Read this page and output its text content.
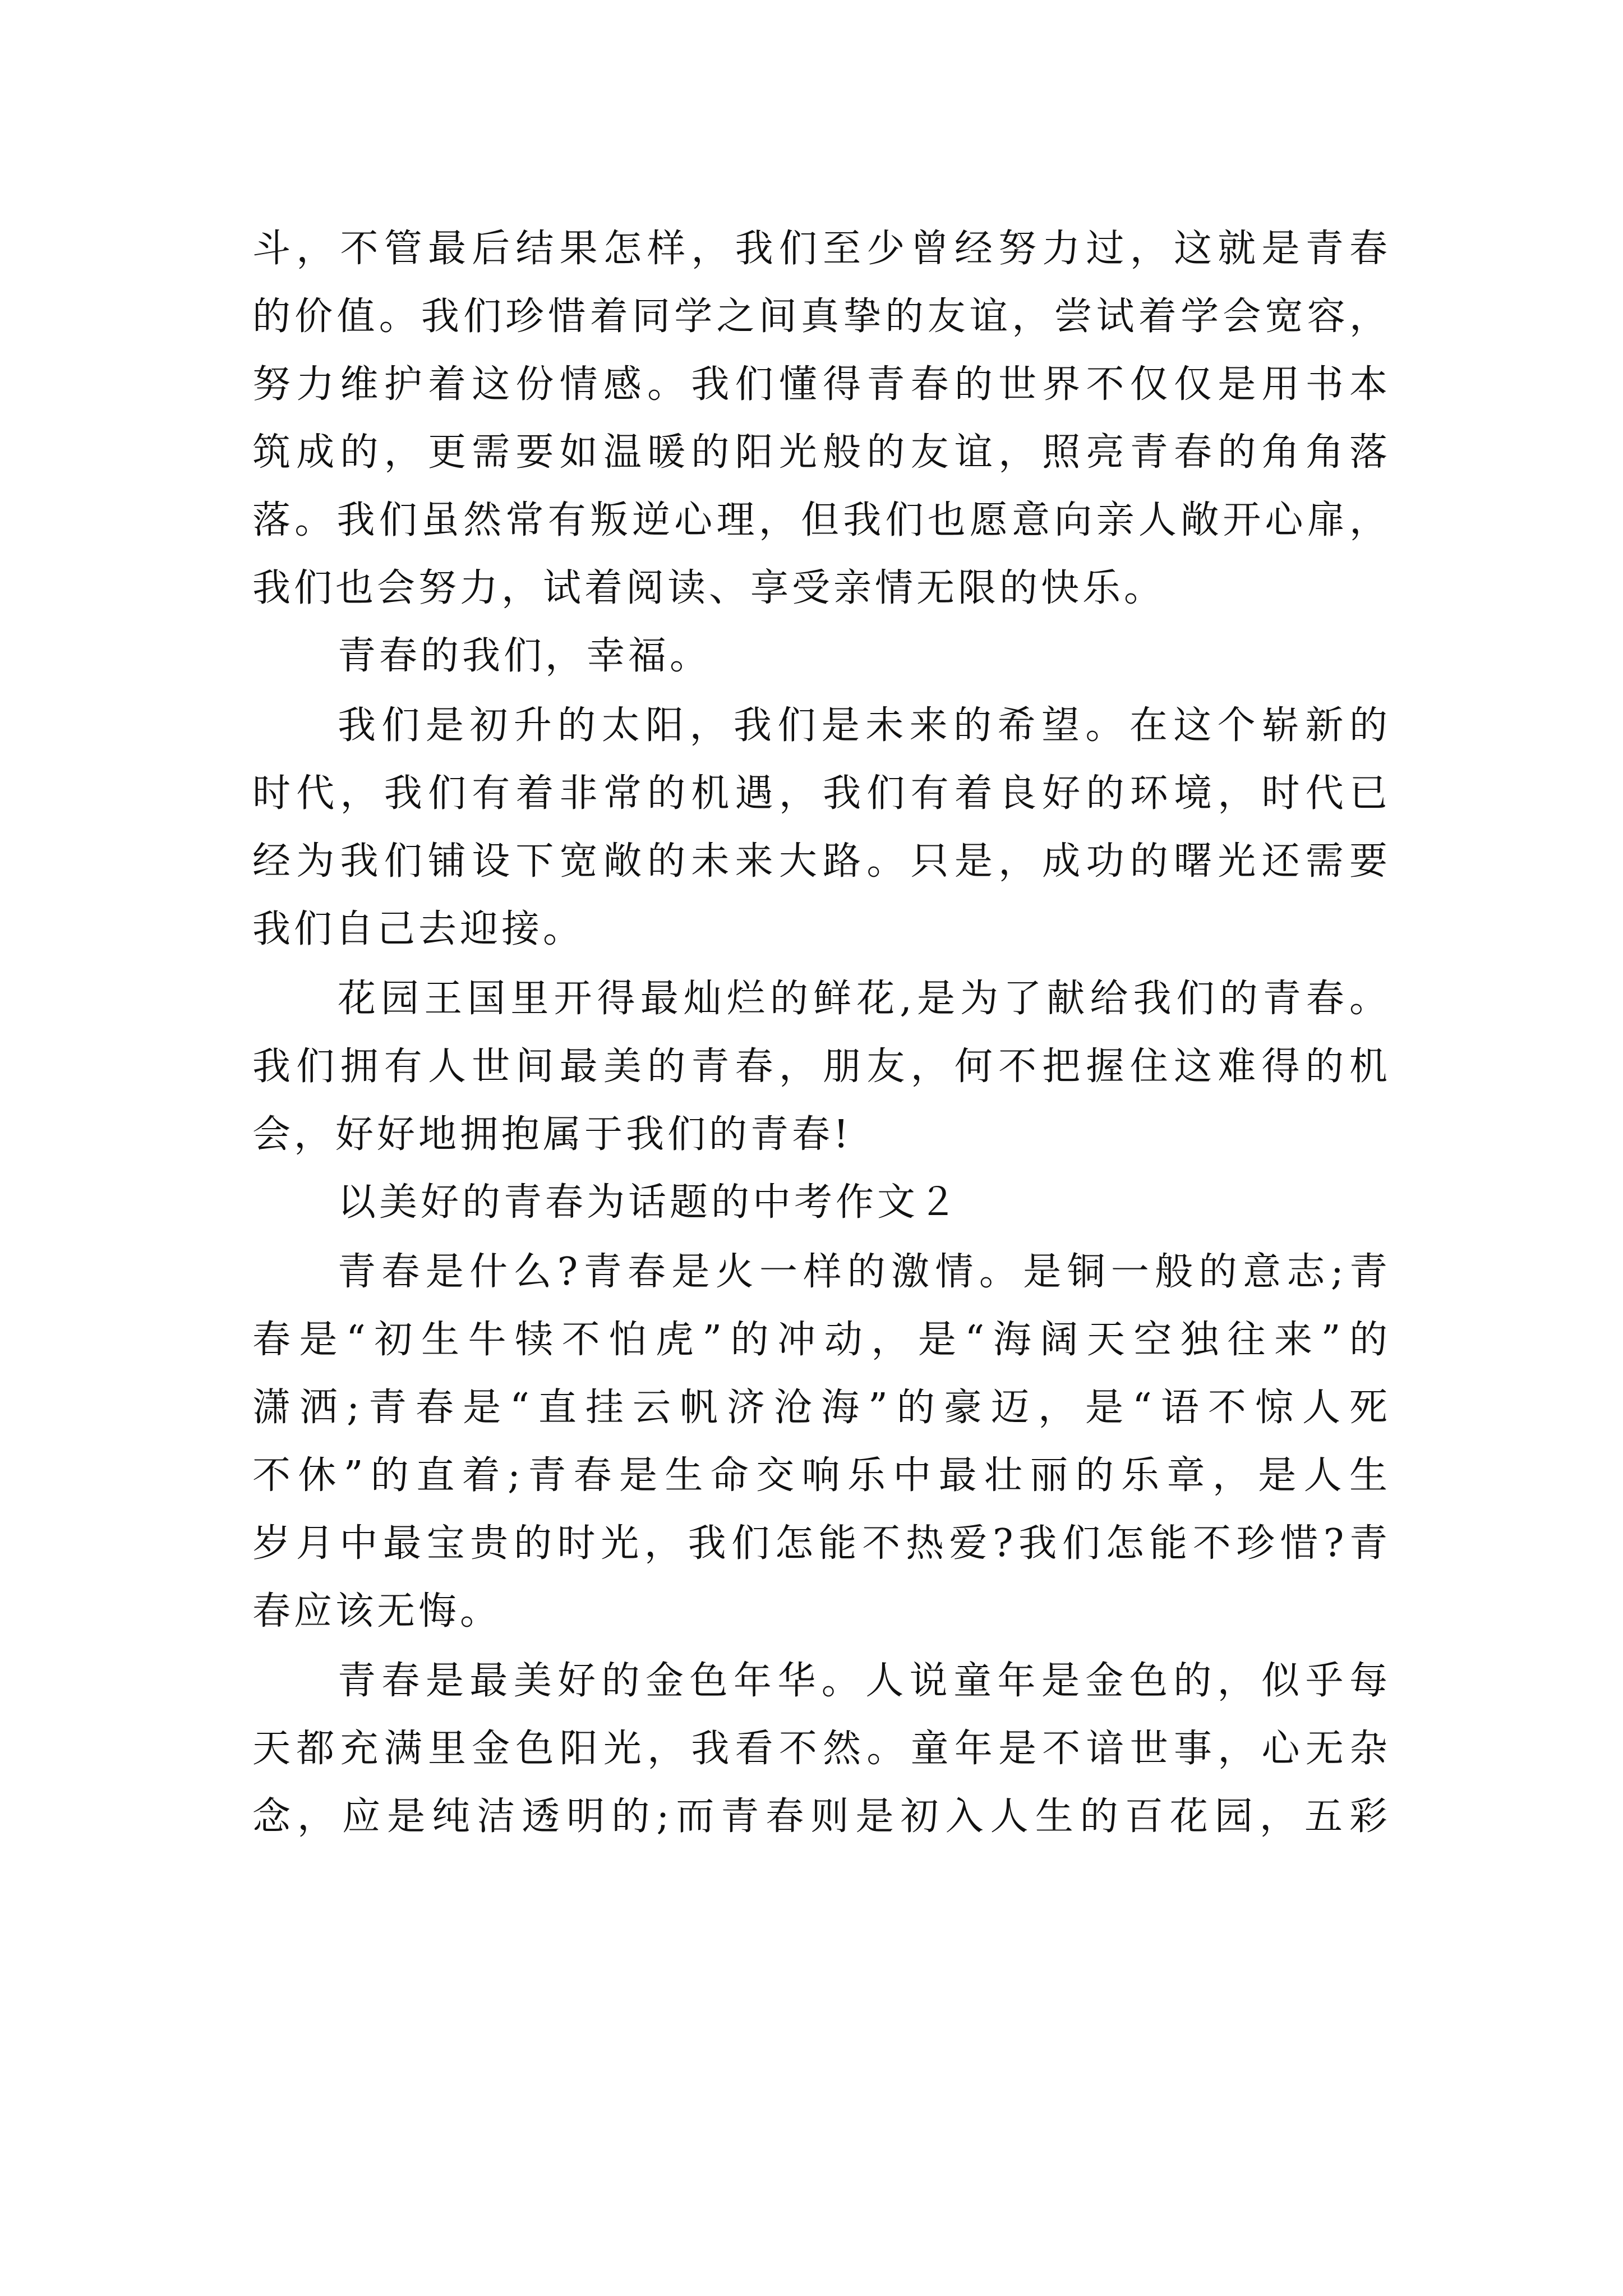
斗，不管最后结果怎样，我们至少曾经努力过，这就是青春
的价值。我们珍惜着同学之间真挚的友谊，尝试着学会宽容，
努力维护着这份情感。我们懂得青春的世界不仅仅是用书本
筑成的，更需要如温暖的阳光般的友谊，照亮青春的角角落
落。我们虽然常有叛逆心理，但我们也愿意向亲人敞开心扉，
我们也会努力，试着阅读、享受亲情无限的快乐。
青春的我们，幸福。
我们是初升的太阳，我们是未来的希望。在这个崭新的
时代，我们有着非常的机遇，我们有着良好的环境，时代已
经为我们铺设下宽敞的未来大路。只是，成功的曙光还需要
我们自己去迎接。
花园王国里开得最灿烂的鲜花,是为了献给我们的青春。
我们拥有人世间最美的青春，朋友，何不把握住这难得的机
会，好好地拥抱属于我们的青春!
以美好的青春为话题的中考作文２
青春是什么?青春是火一样的激情。是铜一般的意志;青
春是“初生牛犊不怕虎”的冲动，是“海阔天空独往来”的
潇洒;青春是“直挂云帆济沧海”的豪迈，是“语不惊人死
不休”的直着;青春是生命交响乐中最壮丽的乐章，是人生
岁月中最宝贵的时光，我们怎能不热爱?我们怎能不珍惜?青
春应该无悔。
青春是最美好的金色年华。人说童年是金色的，似乎每
天都充满里金色阳光，我看不然。童年是不谙世事，心无杂
念，应是纯洁透明的;而青春则是初入人生的百花园，五彩
